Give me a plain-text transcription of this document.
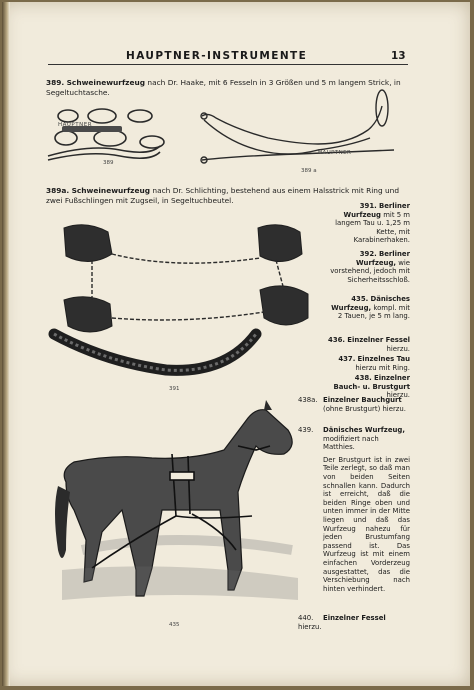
HAUPTNER-INSTRUMENTE	13
389. Schweinewurfzeug nach Dr. Haake, mit 6 Fesseln in 3 Größen und 5 m langem Strick, in Segeltuchtasche.
HAUPTNER
389
HAUPTNER
389 a
389a. Schweinewurfzeug nach Dr. Schlichting, bestehend aus einem Halsstrick mit Ring und zwei Fußschlingen mit Zugseil, in Segeltuchbeutel.
391
391. Berliner Wurfzeug mit 5 m langem Tau u. 1,25 m Kette, mit Karabinerhaken.
392. Berliner Wurfzeug, wie vorstehend, jedoch mit Sicherheitsschloß.
435. Dänisches Wurfzeug, kompl. mit 2 Tauen, je 5 m lang.
436. Einzelner Fessel hierzu.
437. Einzelnes Tau hierzu mit Ring.
438. Einzelner Bauch- u. Brustgurt hierzu.
438a. Einzelner Bauchgurt
(ohne Brustgurt) hierzu.
439. Dänisches Wurfzeug,
modifiziert nach Matthies.
Der Brustgurt ist in zwei Teile zerlegt, so daß man von beiden Seiten schnallen kann. Dadurch ist erreicht, daß die beiden Ringe oben und unten immer in der Mitte liegen und daß das Wurfzeug nahezu für jeden Brustumfang passend ist. Das Wurfzeug ist mit einem einfachen Vorderzeug ausgestattet, das die Verschiebung nach hinten verhindert.
440. Einzelner Fessel hierzu.
435
